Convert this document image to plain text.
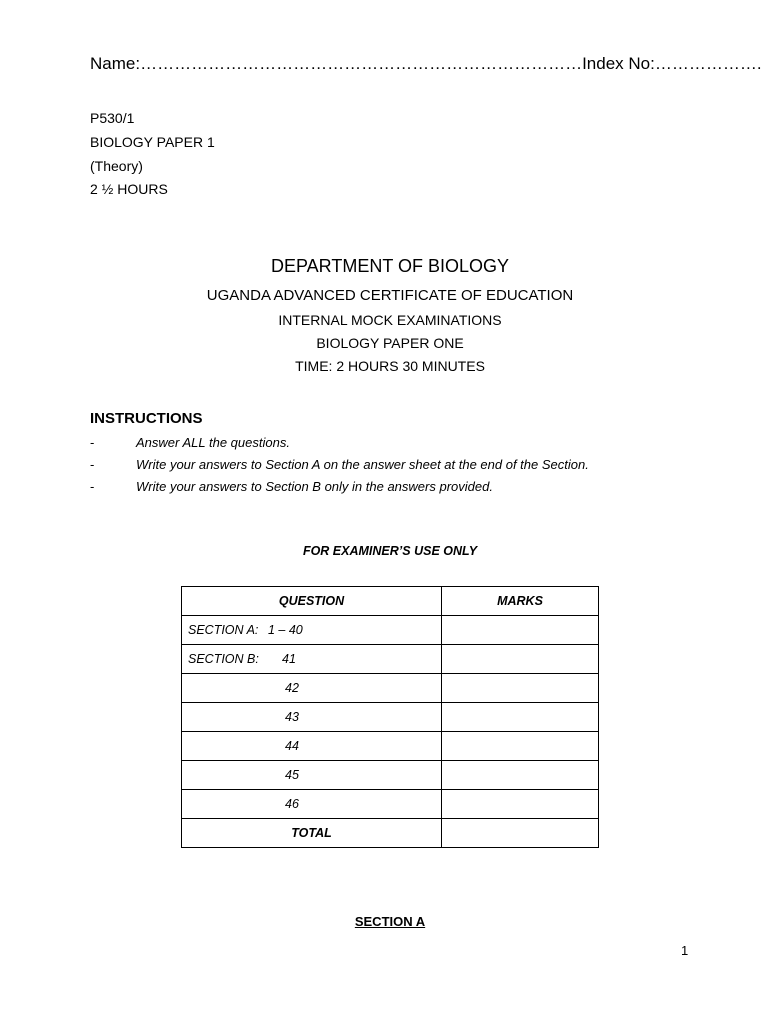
Name:……………………………………………………………………Index No:……………….
P530/1
BIOLOGY PAPER 1
(Theory)
2 ½ HOURS
DEPARTMENT OF BIOLOGY
UGANDA ADVANCED CERTIFICATE OF EDUCATION
INTERNAL MOCK EXAMINATIONS
BIOLOGY PAPER ONE
TIME: 2 HOURS 30 MINUTES
INSTRUCTIONS
-	Answer ALL the questions.
-	Write your answers to Section A on the answer sheet at the end of the Section.
-	Write your answers to Section B only in the answers provided.
FOR EXAMINER’S USE ONLY
QUESTION	MARKS
SECTION A: 1 – 40	
SECTION B: 41	
42	
43	
44	
45	
46	
TOTAL	
SECTION A
1
